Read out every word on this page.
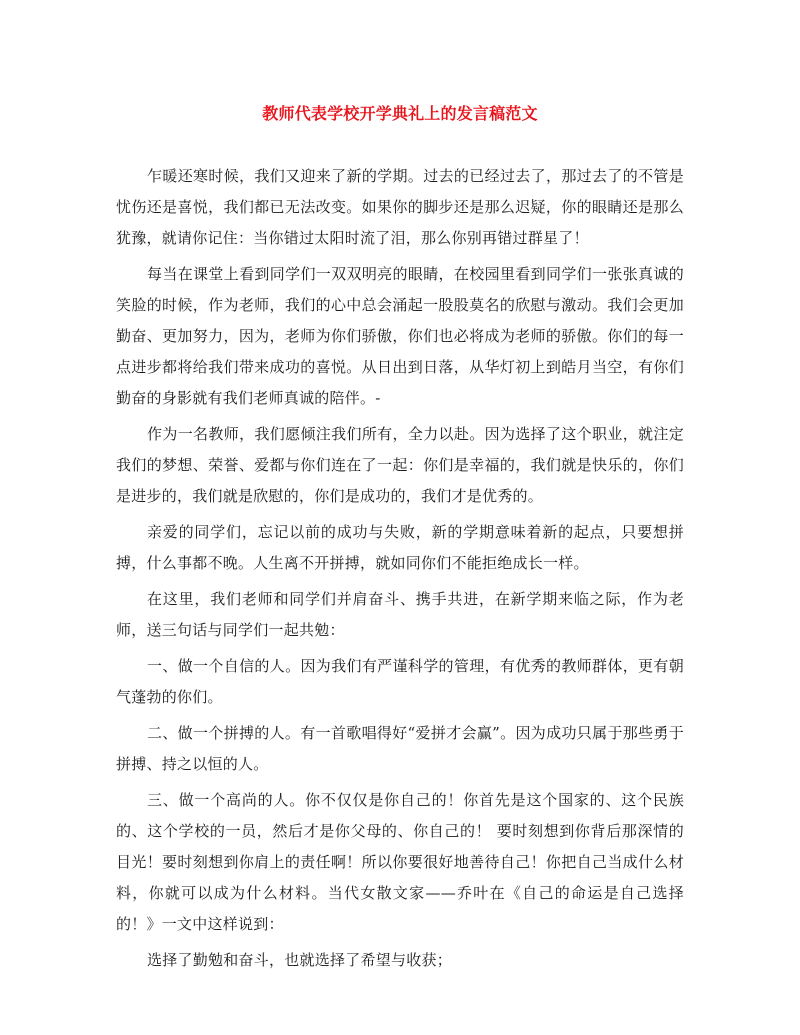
教师代表学校开学典礼上的发言稿范文

乍暖还寒时候，我们又迎来了新的学期。过去的已经过去了，那过去了的不管是忧伤还是喜悦，我们都已无法改变。如果你的脚步还是那么迟疑，你的眼睛还是那么犹豫，就请你记住：当你错过太阳时流了泪，那么你别再错过群星了！

每当在课堂上看到同学们一双双明亮的眼睛，在校园里看到同学们一张张真诚的笑脸的时候，作为老师，我们的心中总会涌起一股股莫名的欣慰与激动。我们会更加勤奋、更加努力，因为，老师为你们骄傲，你们也必将成为老师的骄傲。你们的每一点进步都将给我们带来成功的喜悦。从日出到日落，从华灯初上到皓月当空，有你们勤奋的身影就有我们老师真诚的陪伴。-

作为一名教师，我们愿倾注我们所有，全力以赴。因为选择了这个职业，就注定我们的梦想、荣誉、爱都与你们连在了一起：你们是幸福的，我们就是快乐的，你们是进步的，我们就是欣慰的，你们是成功的，我们才是优秀的。

亲爱的同学们，忘记以前的成功与失败，新的学期意味着新的起点，只要想拼搏，什么事都不晚。人生离不开拼搏，就如同你们不能拒绝成长一样。

在这里，我们老师和同学们并肩奋斗、携手共进，在新学期来临之际，作为老师，送三句话与同学们一起共勉：

一、做一个自信的人。因为我们有严谨科学的管理，有优秀的教师群体，更有朝气蓬勃的你们。

二、做一个拼搏的人。有一首歌唱得好“爱拼才会赢”。因为成功只属于那些勇于拼搏、持之以恒的人。

三、做一个高尚的人。你不仅仅是你自己的！你首先是这个国家的、这个民族的、这个学校的一员，然后才是你父母的、你自己的！ 要时刻想到你背后那深情的目光！要时刻想到你肩上的责任啊！所以你要很好地善待自己！你把自己当成什么材料，你就可以成为什么材料。当代女散文家——乔叶在《自己的命运是自己选择的！》一文中这样说到：

选择了勤勉和奋斗，也就选择了希望与收获；
